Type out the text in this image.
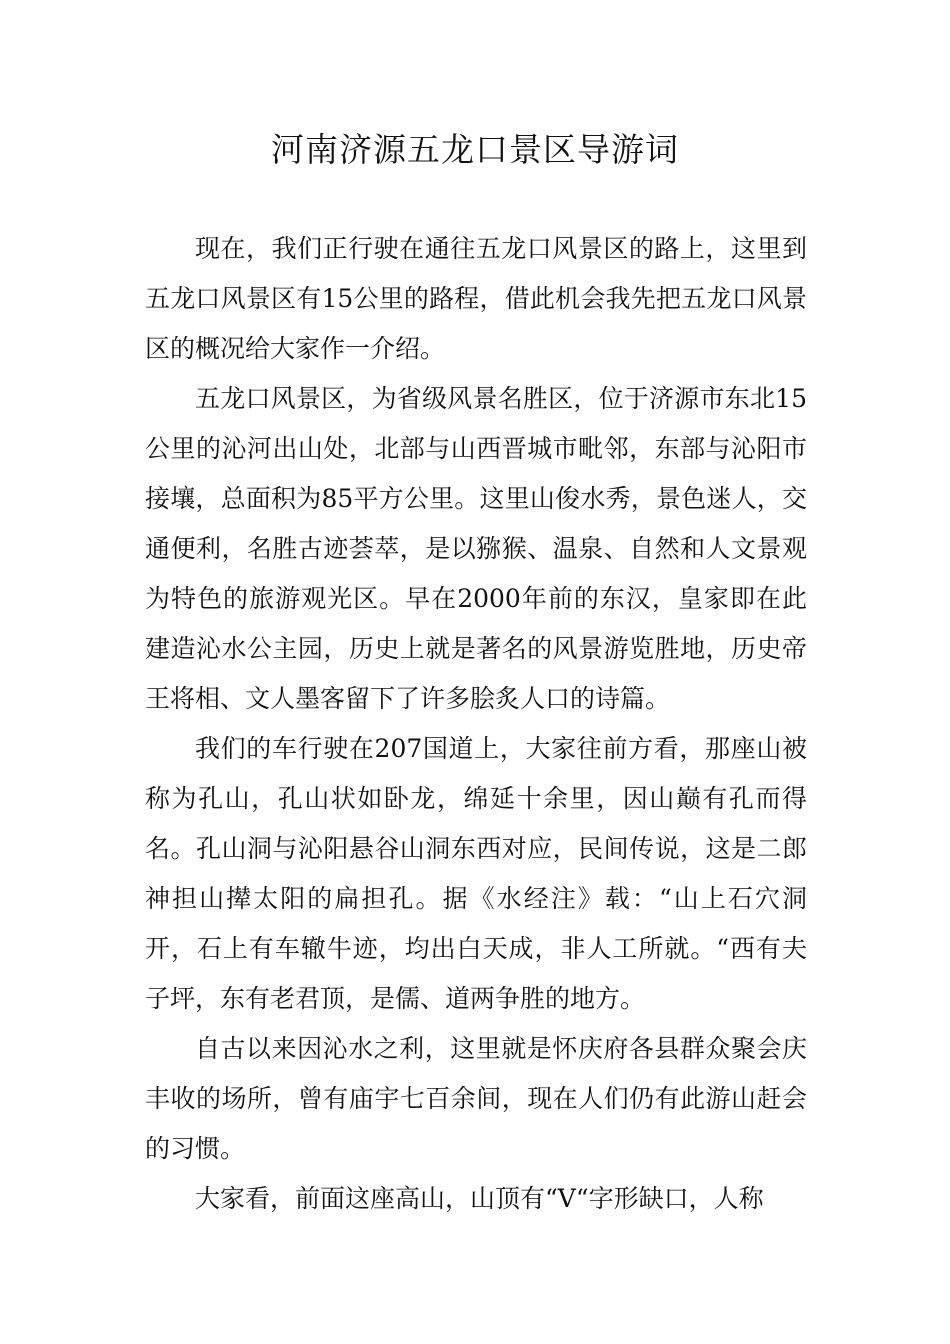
河南济源五龙口景区导游词

现在，我们正行驶在通往五龙口风景区的路上，这里到五龙口风景区有15公里的路程，借此机会我先把五龙口风景区的概况给大家作一介绍。

五龙口风景区，为省级风景名胜区，位于济源市东北15公里的沁河出山处，北部与山西晋城市毗邻，东部与沁阳市接壤，总面积为85平方公里。这里山俊水秀，景色迷人，交通便利，名胜古迹荟萃，是以猕猴、温泉、自然和人文景观为特色的旅游观光区。早在2000年前的东汉，皇家即在此建造沁水公主园，历史上就是著名的风景游览胜地，历史帝王将相、文人墨客留下了许多脍炙人口的诗篇。

我们的车行驶在207国道上，大家往前方看，那座山被称为孔山，孔山状如卧龙，绵延十余里，因山巅有孔而得名。孔山洞与沁阳悬谷山洞东西对应，民间传说，这是二郎神担山撵太阳的扁担孔。据《水经注》载：“山上石穴洞开，石上有车辙牛迹，均出白天成，非人工所就。“西有夫子坪，东有老君顶，是儒、道两争胜的地方。

自古以来因沁水之利，这里就是怀庆府各县群众聚会庆丰收的场所，曾有庙宇七百余间，现在人们仍有此游山赶会的习惯。

大家看，前面这座高山，山顶有“V“字形缺口，人称
